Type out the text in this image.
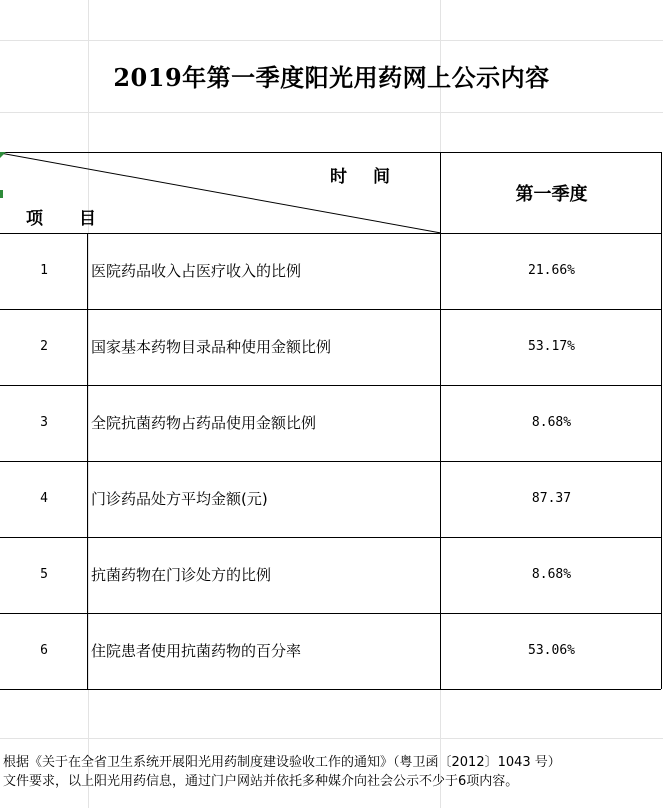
2019年第一季度阳光用药网上公示内容
时 间
项 目
第一季度
1	医院药品收入占医疗收入的比例	21.66%
2	国家基本药物目录品种使用金额比例	53.17%
3	全院抗菌药物占药品使用金额比例	8.68%
4	门诊药品处方平均金额(元)	87.37
5	抗菌药物在门诊处方的比例	8.68%
6	住院患者使用抗菌药物的百分率	53.06%
根据《关于在全省卫生系统开展阳光用药制度建设验收工作的通知》（粤卫函〔2012〕1043 号）
文件要求，以上阳光用药信息，通过门户网站并依托多种媒介向社会公示不少于6项内容。
